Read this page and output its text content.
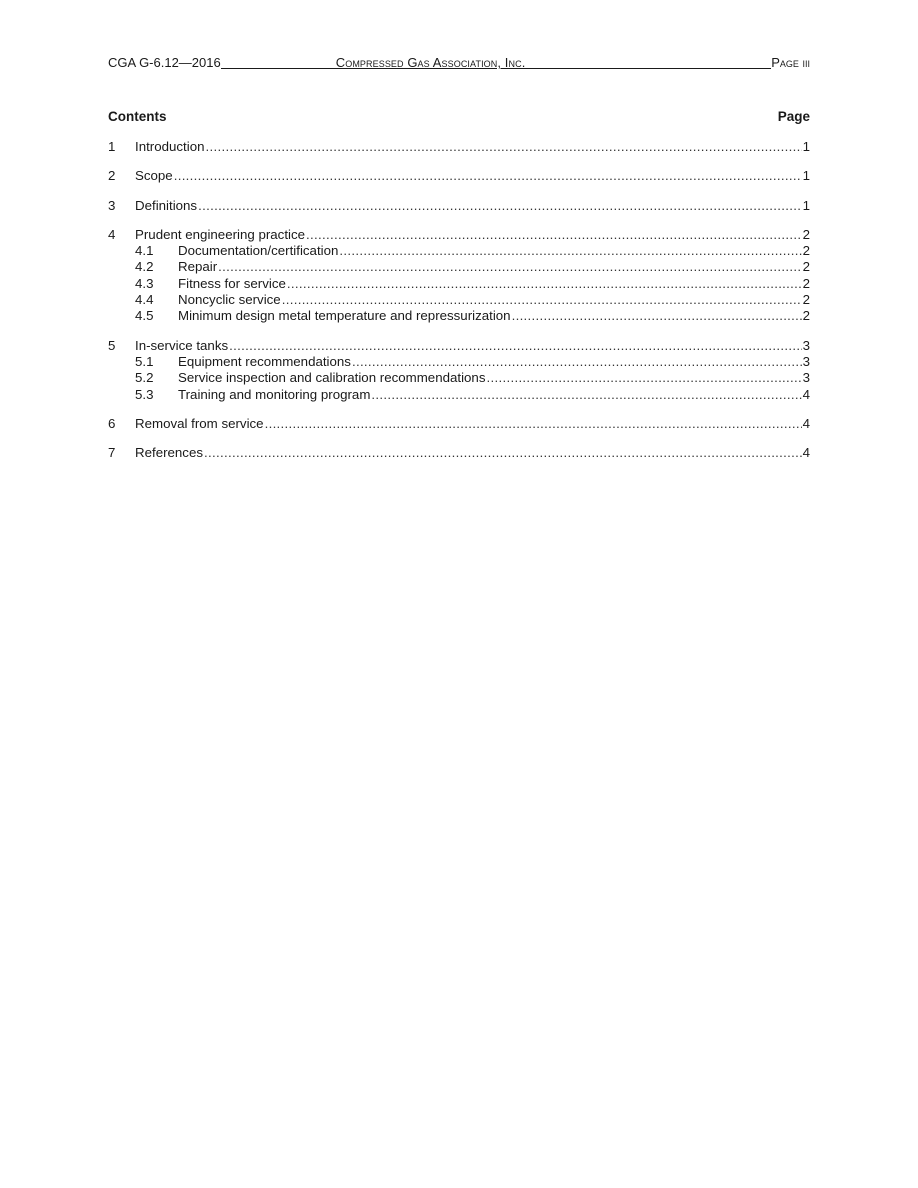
CGA G-6.12—2016	Compressed Gas Association, Inc.	Page iii
Contents	Page
1	Introduction .....	1
2	Scope .....	1
3	Definitions .....	1
4	Prudent engineering practice .....	2
4.1	Documentation/certification .....	2
4.2	Repair .....	2
4.3	Fitness for service .....	2
4.4	Noncyclic service .....	2
4.5	Minimum design metal temperature and repressurization .....	2
5	In-service tanks .....	3
5.1	Equipment recommendations .....	3
5.2	Service inspection and calibration recommendations .....	3
5.3	Training and monitoring program .....	4
6	Removal from service .....	4
7	References .....	4
